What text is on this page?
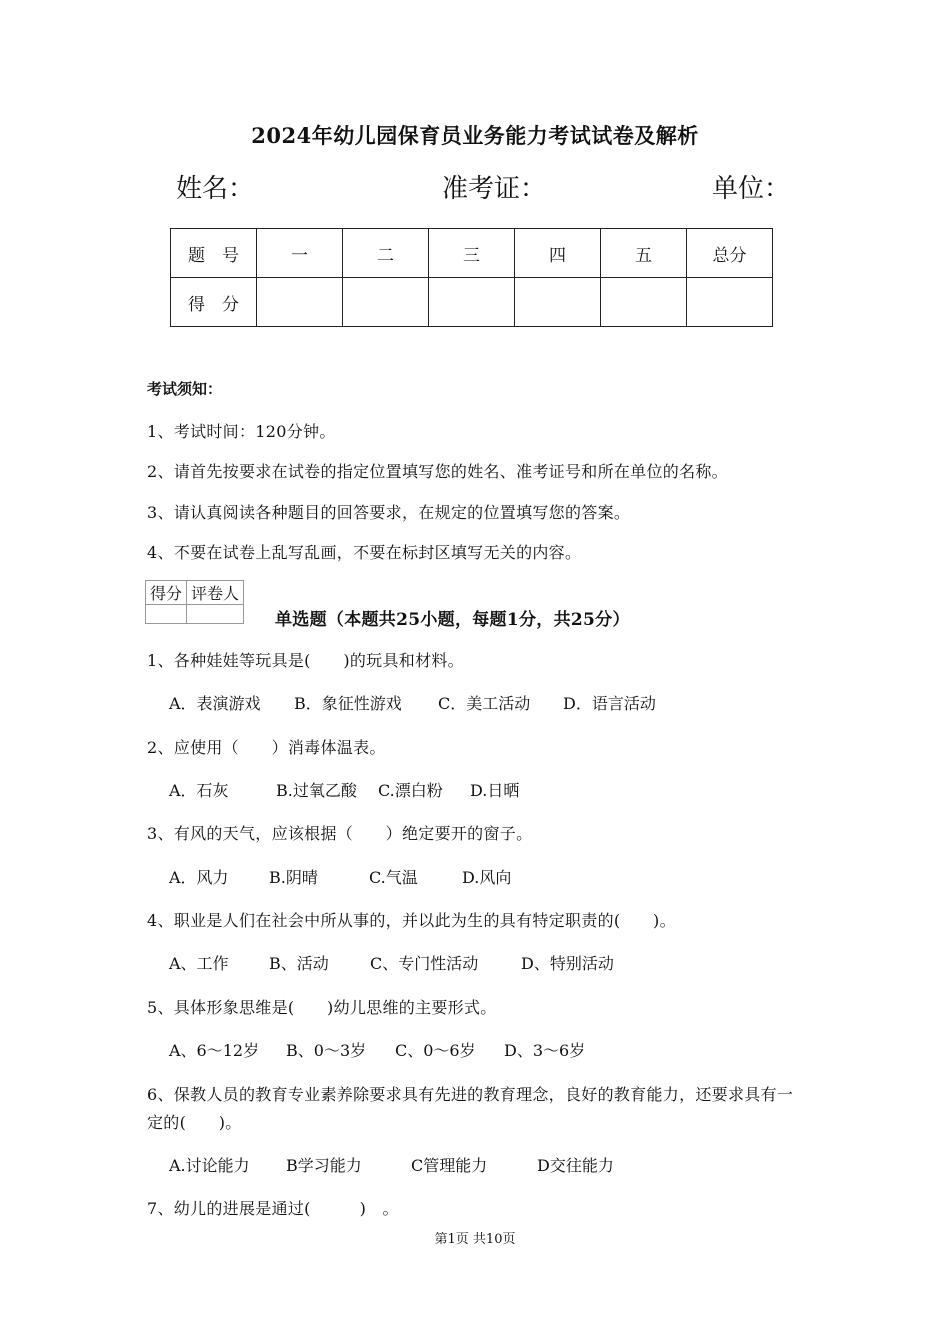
2024年幼儿园保育员业务能力考试试卷及解析
姓名：	准考证：	单位：
题　号	一	二	三	四	五	总分
得　分						
考试须知：
1、考试时间：120分钟。
2、请首先按要求在试卷的指定位置填写您的姓名、准考证号和所在单位的名称。
3、请认真阅读各种题目的回答要求，在规定的位置填写您的答案。
4、不要在试卷上乱写乱画，不要在标封区填写无关的内容。
得分	评卷人

单选题（本题共25小题，每题1分，共25分）
1、各种娃娃等玩具是(　　)的玩具和材料。
A．表演游戏 B．象征性游戏 C．美工活动 D．语言活动
2、应使用（　　）消毒体温表。
A．石灰	B.过氧乙酸 C.漂白粉 D.日晒
3、有风的天气，应该根据（　　）绝定要开的窗子。
A．风力	B.阴晴	C.气温	D.风向
4、职业是人们在社会中所从事的，并以此为生的具有特定职责的(　　)。
A、工作	B、活动	C、专门性活动	D、特别活动
5、具体形象思维是(　　)幼儿思维的主要形式。
A、6～12岁 B、0～3岁 C、0～6岁 D、3～6岁
6、保教人员的教育专业素养除要求具有先进的教育理念，良好的教育能力，还要求具有一
定的(　　)。
A.讨论能力 B学习能力	C管理能力	D交往能力
7、幼儿的进展是通过(　　　)　。
第1页 共10页
